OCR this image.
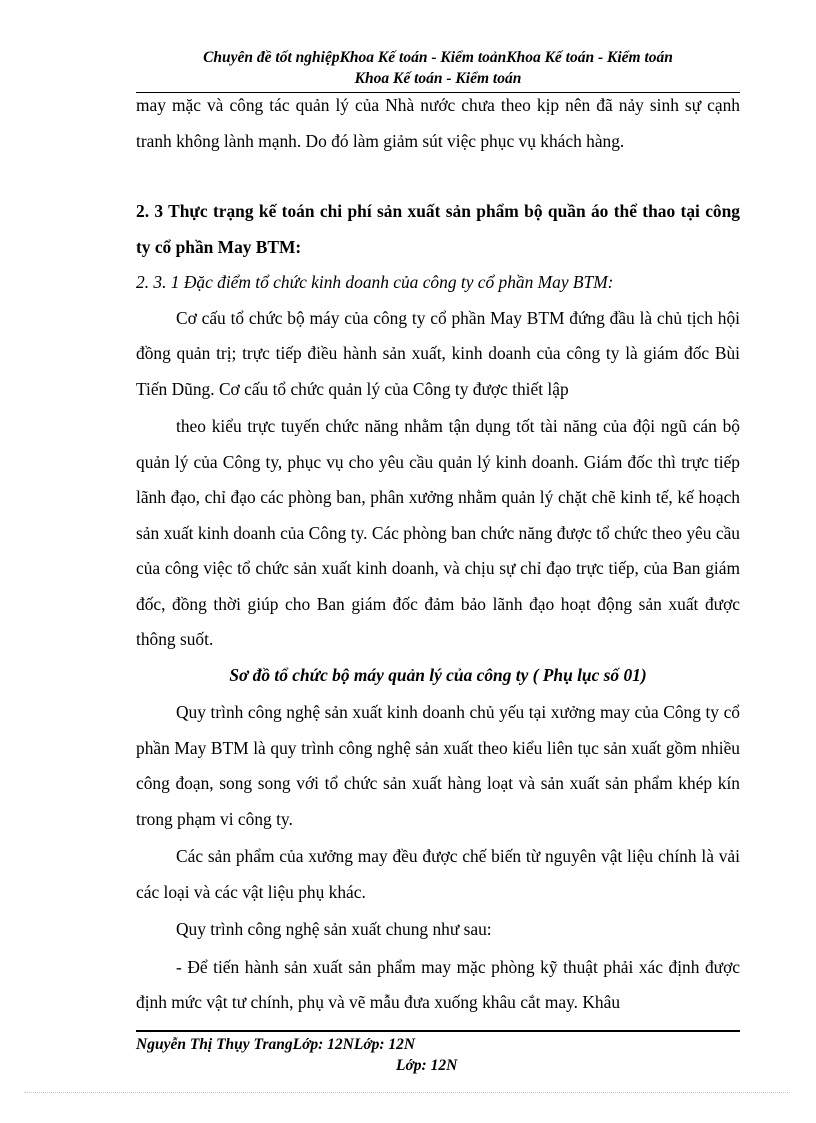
Chuyên đề tốt nghiệpKhoa Kế toán - Kiểm toảnKhoa Kế toán - Kiểm toán
Khoa Kế toán - Kiểm toán

may mặc và công tác quản lý của Nhà nước chưa theo kịp nên đã nảy sinh sự cạnh tranh không lành mạnh. Do đó làm giảm sút việc phục vụ khách hàng.

2. 3 Thực trạng kế toán chi phí sản xuất sản phẩm bộ quần áo thể thao tại công ty cổ phần May BTM:

2. 3. 1 Đặc điểm tổ chức kinh doanh của công ty cổ phần May BTM:

Cơ cấu tổ chức bộ máy của công ty cổ phần May BTM đứng đầu là chủ tịch hội đồng quản trị; trực tiếp điều hành sản xuất, kinh doanh của công ty là giám đốc Bùi Tiến Dũng. Cơ cấu tổ chức quản lý của Công ty được thiết lập

theo kiểu trực tuyến chức năng nhằm tận dụng tốt tài năng của đội ngũ cán bộ quản lý của Công ty, phục vụ cho yêu cầu quản lý kinh doanh. Giám đốc thì trực tiếp lãnh đạo, chỉ đạo các phòng ban, phân xưởng nhằm quản lý chặt chẽ kinh tế, kế hoạch sản xuất kinh doanh của Công ty. Các phòng ban chức năng được tổ chức theo yêu cầu của công việc tổ chức sản xuất kinh doanh, và chịu sự chỉ đạo trực tiếp, của Ban giám đốc, đồng thời giúp cho Ban giám đốc đảm bảo lãnh đạo hoạt động sản xuất được thông suốt.

Sơ đồ tổ chức bộ máy quản lý của công ty ( Phụ lục số 01)

Quy trình công nghệ sản xuất kinh doanh chủ yếu tại xưởng may của Công ty cổ phần May BTM là quy trình công nghệ sản xuất theo kiểu liên tục sản xuất gồm nhiều công đoạn, song song với tổ chức sản xuất hàng loạt và sản xuất sản phẩm khép kín trong phạm vi công ty.

Các sản phẩm của xưởng may đều được chế biến từ nguyên vật liệu chính là vải các loại và các vật liệu phụ khác.

Quy trình công nghệ sản xuất chung như sau:

- Để tiến hành sản xuất sản phẩm may mặc phòng kỹ thuật phải xác định được định mức vật tư chính, phụ và vẽ mẫu đưa xuống khâu cắt may. Khâu

Nguyễn Thị Thụy TrangLớp: 12NLớp: 12N
Lớp: 12N
